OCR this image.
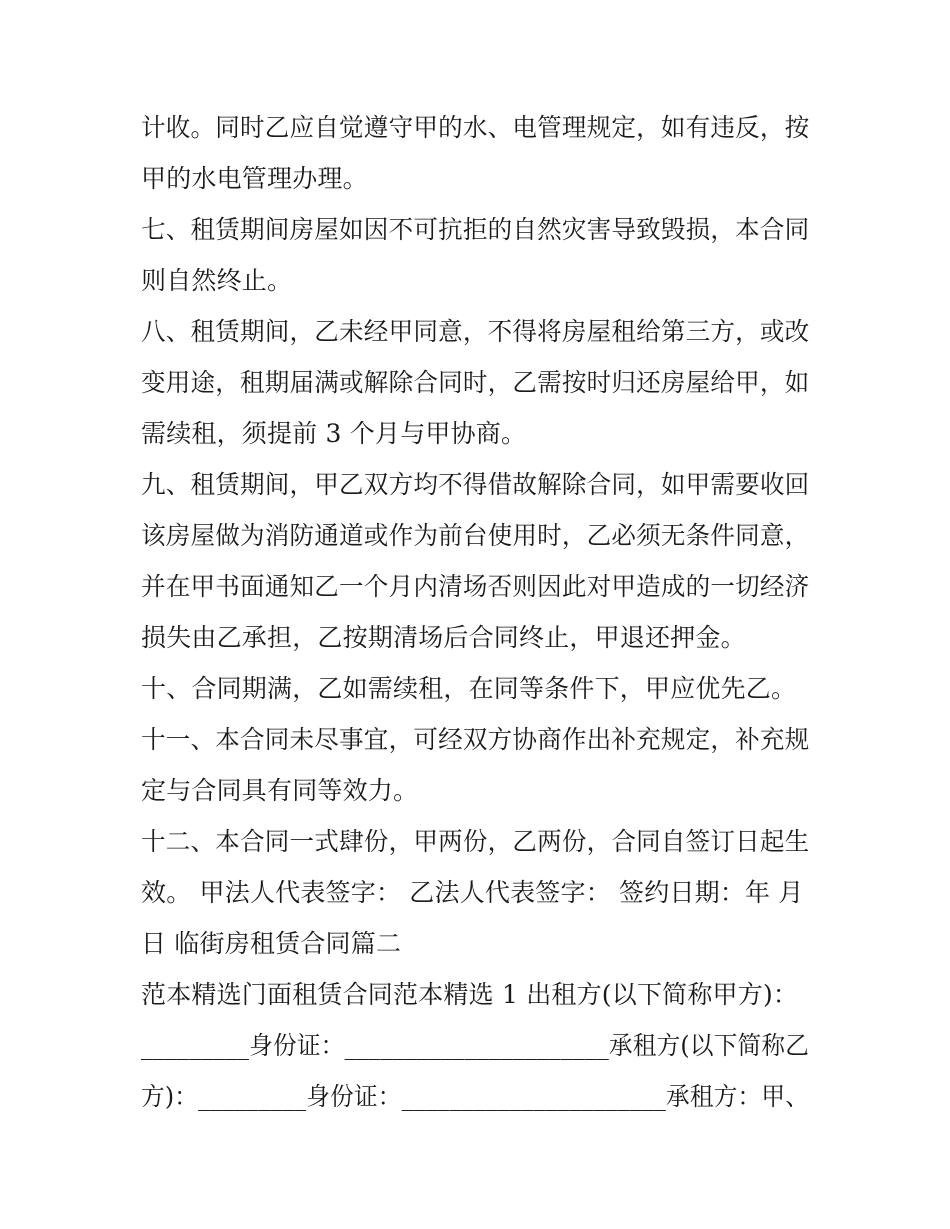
计收。同时乙应自觉遵守甲的水、电管理规定，如有违反，按
甲的水电管理办理。
七、租赁期间房屋如因不可抗拒的自然灾害导致毁损，本合同
则自然终止。
八、租赁期间，乙未经甲同意，不得将房屋租给第三方，或改
变用途，租期届满或解除合同时，乙需按时归还房屋给甲，如
需续租，须提前 3 个月与甲协商。
九、租赁期间，甲乙双方均不得借故解除合同，如甲需要收回
该房屋做为消防通道或作为前台使用时，乙必须无条件同意，
并在甲书面通知乙一个月内清场否则因此对甲造成的一切经济
损失由乙承担，乙按期清场后合同终止，甲退还押金。
十、合同期满，乙如需续租，在同等条件下，甲应优先乙。
十一、本合同未尽事宜，可经双方协商作出补充规定，补充规
定与合同具有同等效力。
十二、本合同一式肆份，甲两份，乙两份，合同自签订日起生
效。 甲法人代表签字： 乙法人代表签字： 签约日期：年 月
日 临街房租赁合同篇二
范本精选门面租赁合同范本精选 1 出租方(以下简称甲方)：
_________身份证：______________________承租方(以下简称乙
方)：_________身份证：______________________承租方：甲、
